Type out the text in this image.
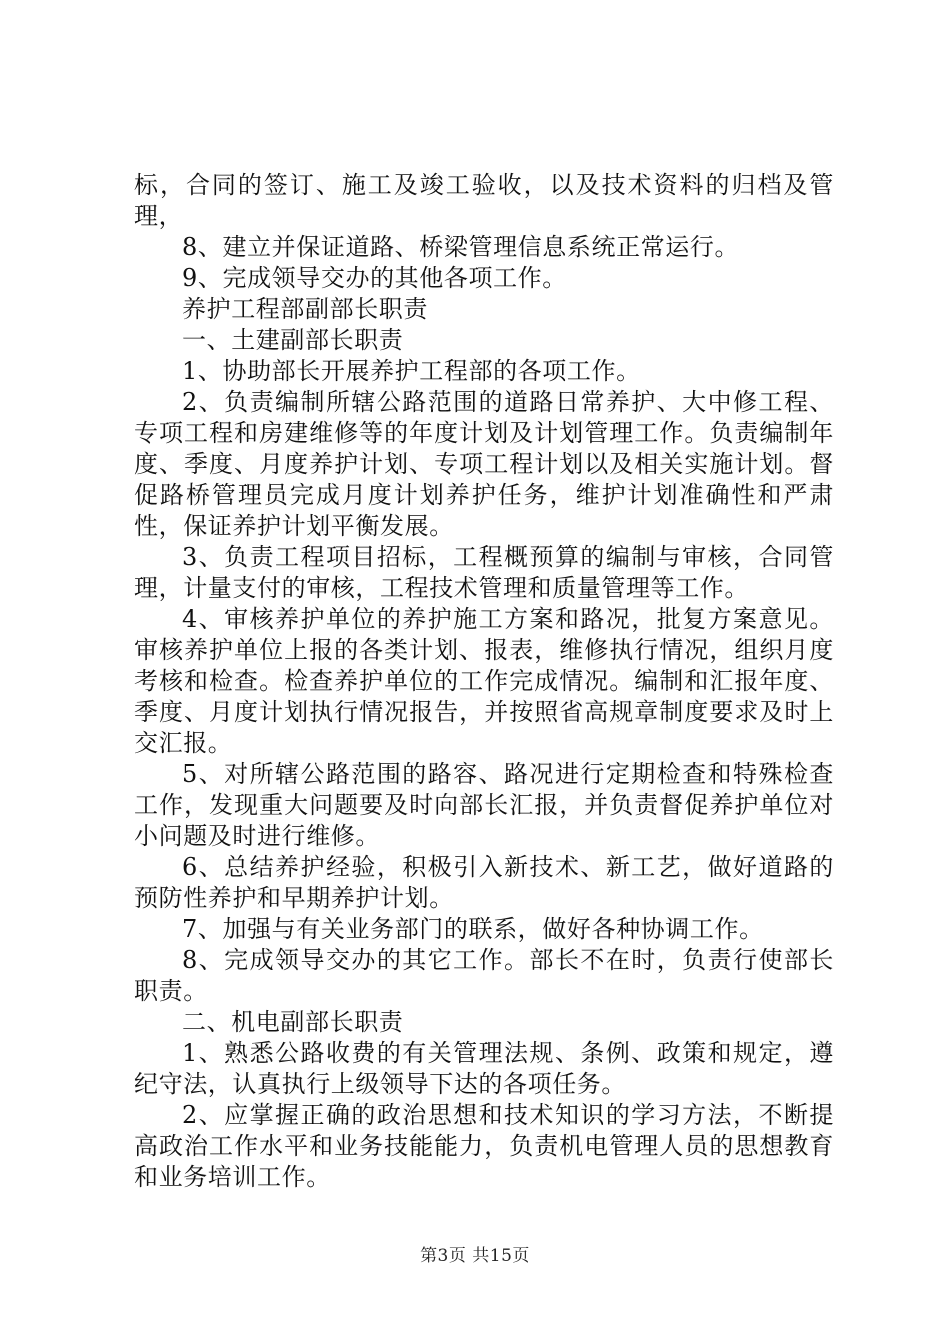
标，合同的签订、施工及竣工验收，以及技术资料的归档及管理，

8、建立并保证道路、桥梁管理信息系统正常运行。

9、完成领导交办的其他各项工作。

养护工程部副部长职责

一、土建副部长职责

1、协助部长开展养护工程部的各项工作。

2、负责编制所辖公路范围的道路日常养护、大中修工程、专项工程和房建维修等的年度计划及计划管理工作。负责编制年度、季度、月度养护计划、专项工程计划以及相关实施计划。督促路桥管理员完成月度计划养护任务，维护计划准确性和严肃性，保证养护计划平衡发展。

3、负责工程项目招标，工程概预算的编制与审核，合同管理，计量支付的审核，工程技术管理和质量管理等工作。

4、审核养护单位的养护施工方案和路况，批复方案意见。审核养护单位上报的各类计划、报表，维修执行情况，组织月度考核和检查。检查养护单位的工作完成情况。编制和汇报年度、季度、月度计划执行情况报告，并按照省高规章制度要求及时上交汇报。

5、对所辖公路范围的路容、路况进行定期检查和特殊检查工作，发现重大问题要及时向部长汇报，并负责督促养护单位对小问题及时进行维修。

6、总结养护经验，积极引入新技术、新工艺，做好道路的预防性养护和早期养护计划。

7、加强与有关业务部门的联系，做好各种协调工作。

8、完成领导交办的其它工作。部长不在时，负责行使部长职责。

二、机电副部长职责

1、熟悉公路收费的有关管理法规、条例、政策和规定，遵纪守法，认真执行上级领导下达的各项任务。

2、应掌握正确的政治思想和技术知识的学习方法，不断提高政治工作水平和业务技能能力，负责机电管理人员的思想教育和业务培训工作。

第3页 共15页
